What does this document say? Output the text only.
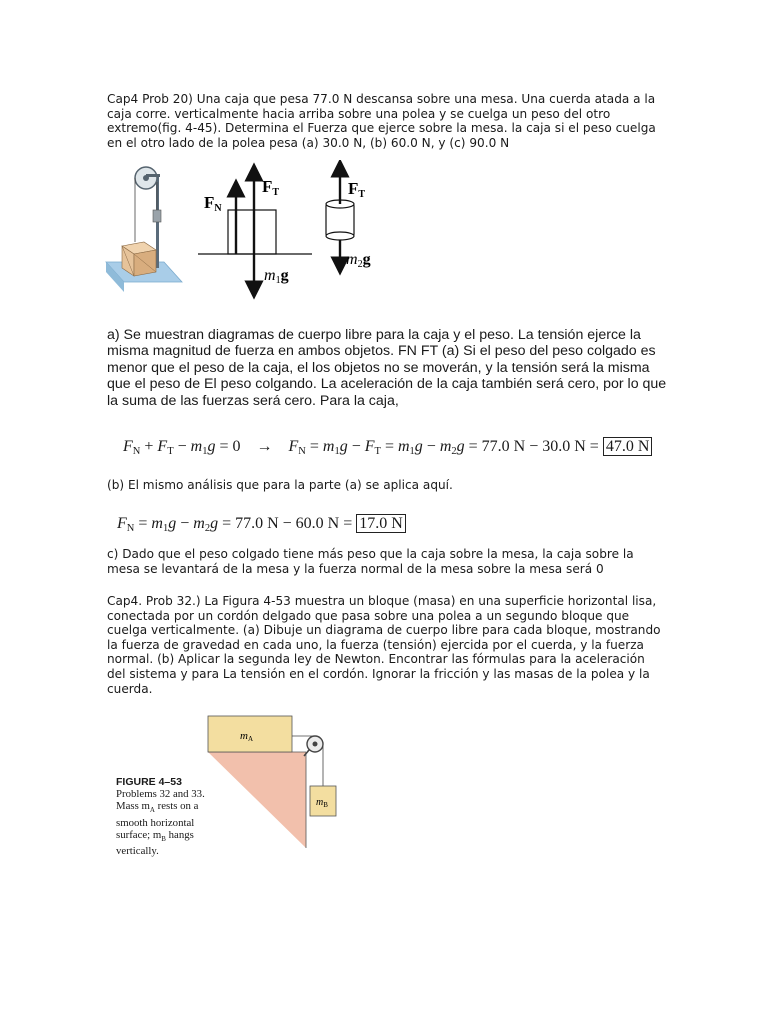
Cap4 Prob 20) Una caja que pesa 77.0 N descansa sobre una mesa. Una cuerda atada a la caja corre. verticalmente hacia arriba sobre una polea y se cuelga un peso del otro extremo(fig. 4-45). Determina el Fuerza que ejerce sobre la mesa. la caja si el peso cuelga en el otro lado de la polea pesa (a) 30.0 N, (b) 60.0 N, y (c) 90.0 N

FN
FT
m1g
FT
m2g

a) Se muestran diagramas de cuerpo libre para la caja y el peso. La tensión ejerce la misma magnitud de fuerza en ambos objetos. FN FT (a) Si el peso del peso colgado es menor que el peso de la caja, el los objetos no se moverán, y la tensión será la misma que el peso de El peso colgando. La aceleración de la caja también será cero, por lo que la suma de las fuerzas será cero. Para la caja,

$F_N + F_T - m_1g = 0 \to F_N = m_1g - F_T = m_1g - m_2g = 77.0$ N − 30.0 N = 47.0 N

(b) El mismo análisis que para la parte (a) se aplica aquí.

$F_N = m_1g - m_2g = 77.0$ N − 60.0 N = 17.0 N

c) Dado que el peso colgado tiene más peso que la caja sobre la mesa, la caja sobre la mesa se levantará de la mesa y la fuerza normal de la mesa sobre la mesa será 0

Cap4. Prob 32.) La Figura 4-53 muestra un bloque (masa) en una superficie horizontal lisa, conectada por un cordón delgado que pasa sobre una polea a un segundo bloque que cuelga verticalmente. (a) Dibuje un diagrama de cuerpo libre para cada bloque, mostrando la fuerza de gravedad en cada uno, la fuerza (tensión) ejercida por el cuerda, y la fuerza normal. (b) Aplicar la segunda ley de Newton. Encontrar las fórmulas para la aceleración del sistema y para La tensión en el cordón. Ignorar la fricción y las masas de la polea y la cuerda.

mA
$m_B$
FIGURE 4–53
Problems 32 and 33.
Mass $m_A$ rests on a
smooth horizontal
surface; $m_B$ hangs
vertically.
